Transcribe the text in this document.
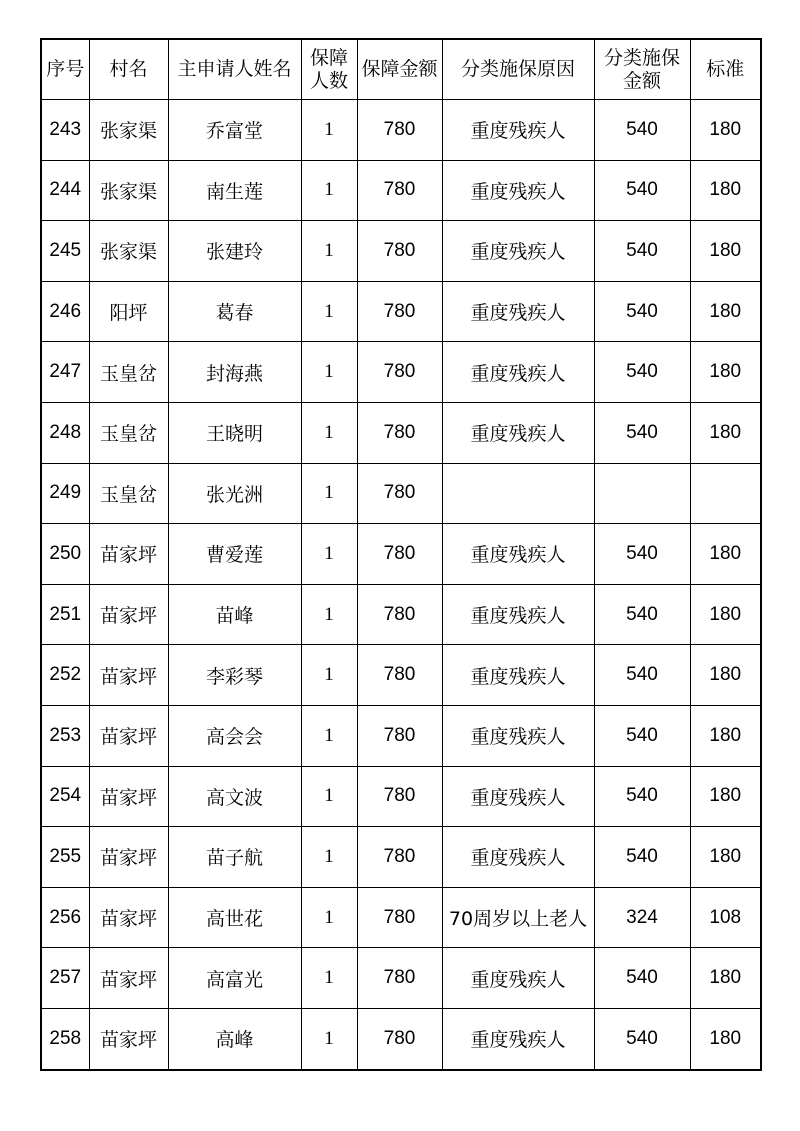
序号	村名	主申请人姓名	保障人数	保障金额	分类施保原因	分类施保金额	标准
243	张家渠	乔富堂	1	780	重度残疾人	540	180
244	张家渠	南生莲	1	780	重度残疾人	540	180
245	张家渠	张建玲	1	780	重度残疾人	540	180
246	阳坪	葛春	1	780	重度残疾人	540	180
247	玉皇岔	封海燕	1	780	重度残疾人	540	180
248	玉皇岔	王晓明	1	780	重度残疾人	540	180
249	玉皇岔	张光洲	1	780			
250	苗家坪	曹爱莲	1	780	重度残疾人	540	180
251	苗家坪	苗峰	1	780	重度残疾人	540	180
252	苗家坪	李彩琴	1	780	重度残疾人	540	180
253	苗家坪	高会会	1	780	重度残疾人	540	180
254	苗家坪	高文波	1	780	重度残疾人	540	180
255	苗家坪	苗子航	1	780	重度残疾人	540	180
256	苗家坪	高世花	1	780	70周岁以上老人	324	108
257	苗家坪	高富光	1	780	重度残疾人	540	180
258	苗家坪	高峰	1	780	重度残疾人	540	180
